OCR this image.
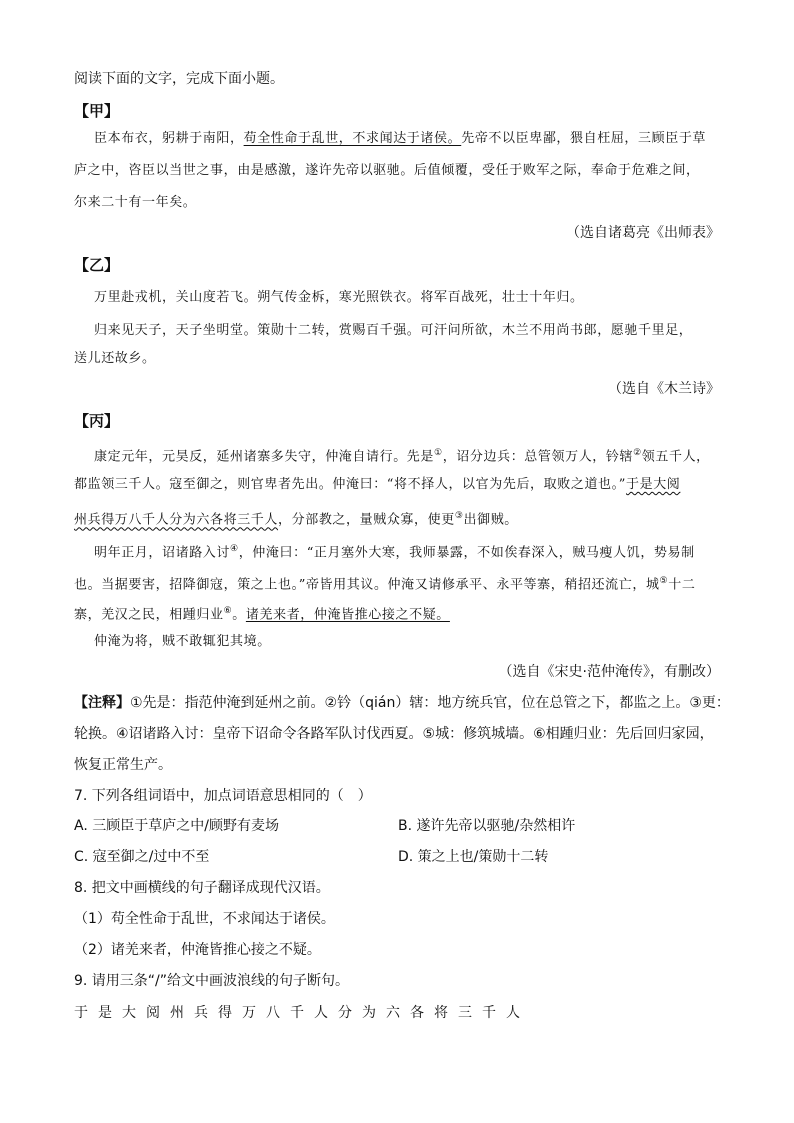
阅读下面的文字，完成下面小题。
【甲】
臣本布衣，躬耕于南阳，苟全性命于乱世，不求闻达于诸侯。先帝不以臣卑鄙，猥自枉屈，三顾臣于草
庐之中，咨臣以当世之事，由是感激，遂许先帝以驱驰。后值倾覆，受任于败军之际，奉命于危难之间，
尔来二十有一年矣。
（选自诸葛亮《出师表》
【乙】
万里赴戎机，关山度若飞。朔气传金柝，寒光照铁衣。将军百战死，壮士十年归。
归来见天子，天子坐明堂。策勋十二转，赏赐百千强。可汗问所欲，木兰不用尚书郎，愿驰千里足，
送儿还故乡。
（选自《木兰诗》
【丙】
康定元年，元昊反，延州诸寨多失守，仲淹自请行。先是①，诏分边兵：总管领万人，钤辖②领五千人，
都监领三千人。寇至御之，则官卑者先出。仲淹曰：“将不择人，以官为先后，取败之道也。”于是大阅
州兵得万八千人分为六各将三千人，分部教之，量贼众寡，使更③出御贼。
明年正月，诏诸路入讨④，仲淹曰：“正月塞外大寒，我师暴露，不如俟春深入，贼马瘦人饥，势易制
也。当据要害，招降御寇，策之上也。”帝皆用其议。仲淹又请修承平、永平等寨，稍招还流亡，城⑤十二
寨，羌汉之民，相踵归业⑥。诸羌来者，仲淹皆推心接之不疑。
仲淹为将，贼不敢辄犯其境。
（选自《宋史·范仲淹传》，有删改）
【注释】①先是：指范仲淹到延州之前。②钤（qián）辖：地方统兵官，位在总管之下，都监之上。③更：
轮换。④诏诸路入讨：皇帝下诏命令各路军队讨伐西夏。⑤城：修筑城墙。⑥相踵归业：先后回归家园，
恢复正常生产。
7. 下列各组词语中，加点词语意思相同的（　）
A. 三顾臣于草庐之中/顾野有麦场	B. 遂许先帝以驱驰/杂然相许
C. 寇至御之/过中不至	D. 策之上也/策勋十二转
8. 把文中画横线的句子翻译成现代汉语。
（1）苟全性命于乱世，不求闻达于诸侯。
（2）诸羌来者，仲淹皆推心接之不疑。
9. 请用三条“/”给文中画波浪线的句子断句。
于是大阅州兵得万八千人分为六各将三千人
